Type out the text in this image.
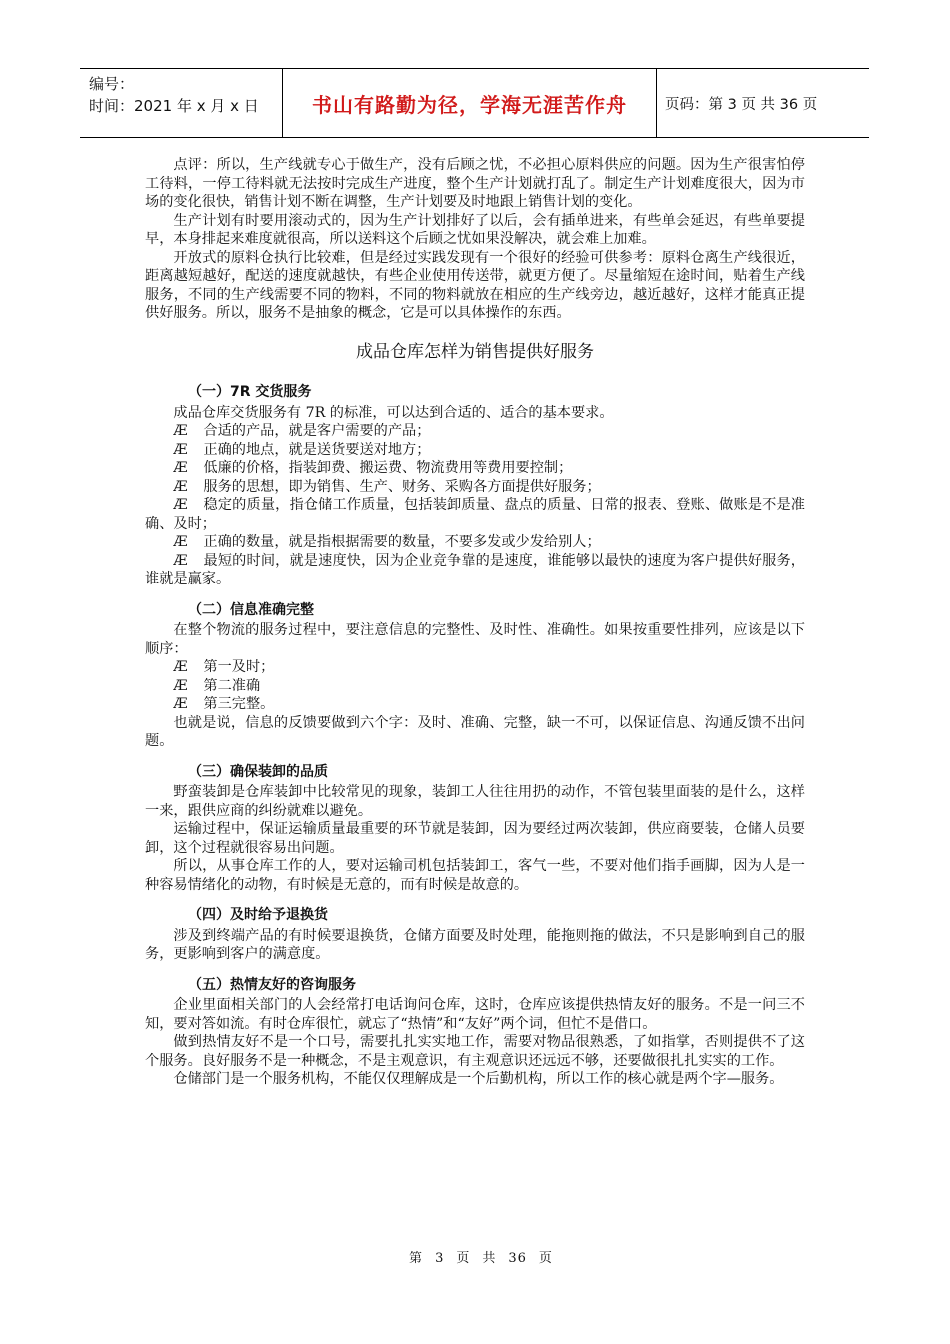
编号：
时间：2021 年 x 月 x 日	书山有路勤为径，学海无涯苦作舟	页码：第 3 页 共 36 页

点评：所以，生产线就专心于做生产，没有后顾之忧，不必担心原料供应的问题。因为生产很害怕停工待料，一停工待料就无法按时完成生产进度，整个生产计划就打乱了。制定生产计划难度很大，因为市场的变化很快，销售计划不断在调整，生产计划要及时地跟上销售计划的变化。

生产计划有时要用滚动式的，因为生产计划排好了以后，会有插单进来，有些单会延迟，有些单要提早，本身排起来难度就很高，所以送料这个后顾之忧如果没解决，就会难上加难。

开放式的原料仓执行比较难，但是经过实践发现有一个很好的经验可供参考：原料仓离生产线很近，距离越短越好，配送的速度就越快，有些企业使用传送带，就更方便了。尽量缩短在途时间，贴着生产线服务，不同的生产线需要不同的物料，不同的物料就放在相应的生产线旁边，越近越好，这样才能真正提供好服务。所以，服务不是抽象的概念，它是可以具体操作的东西。

成品仓库怎样为销售提供好服务
（一）7R 交货服务

成品仓库交货服务有 7R 的标准，可以达到合适的、适合的基本要求。

Æ 合适的产品，就是客户需要的产品；

Æ 正确的地点，就是送货要送对地方；

Æ 低廉的价格，指装卸费、搬运费、物流费用等费用要控制；

Æ 服务的思想，即为销售、生产、财务、采购各方面提供好服务；

Æ 稳定的质量，指仓储工作质量，包括装卸质量、盘点的质量、日常的报表、登账、做账是不是准确、及时；

Æ 正确的数量，就是指根据需要的数量，不要多发或少发给别人；

Æ 最短的时间，就是速度快，因为企业竞争靠的是速度，谁能够以最快的速度为客户提供好服务，谁就是赢家。

（二）信息准确完整

在整个物流的服务过程中，要注意信息的完整性、及时性、准确性。如果按重要性排列，应该是以下顺序：

Æ 第一及时；

Æ 第二准确

Æ 第三完整。

也就是说，信息的反馈要做到六个字：及时、准确、完整，缺一不可，以保证信息、沟通反馈不出问题。

（三）确保装卸的品质

野蛮装卸是仓库装卸中比较常见的现象，装卸工人往往用扔的动作，不管包装里面装的是什么，这样一来，跟供应商的纠纷就难以避免。

运输过程中，保证运输质量最重要的环节就是装卸，因为要经过两次装卸，供应商要装，仓储人员要卸，这个过程就很容易出问题。

所以，从事仓库工作的人，要对运输司机包括装卸工，客气一些，不要对他们指手画脚，因为人是一种容易情绪化的动物，有时候是无意的，而有时候是故意的。

（四）及时给予退换货

涉及到终端产品的有时候要退换货，仓储方面要及时处理，能拖则拖的做法，不只是影响到自己的服务，更影响到客户的满意度。

（五）热情友好的咨询服务

企业里面相关部门的人会经常打电话询问仓库，这时，仓库应该提供热情友好的服务。不是一问三不知，要对答如流。有时仓库很忙，就忘了“热情”和“友好”两个词，但忙不是借口。

做到热情友好不是一个口号，需要扎扎实实地工作，需要对物品很熟悉，了如指掌，否则提供不了这个服务。良好服务不是一种概念，不是主观意识，有主观意识还远远不够，还要做很扎扎实实的工作。

仓储部门是一个服务机构，不能仅仅理解成是一个后勤机构，所以工作的核心就是两个字—服务。

第 3 页 共 36 页
